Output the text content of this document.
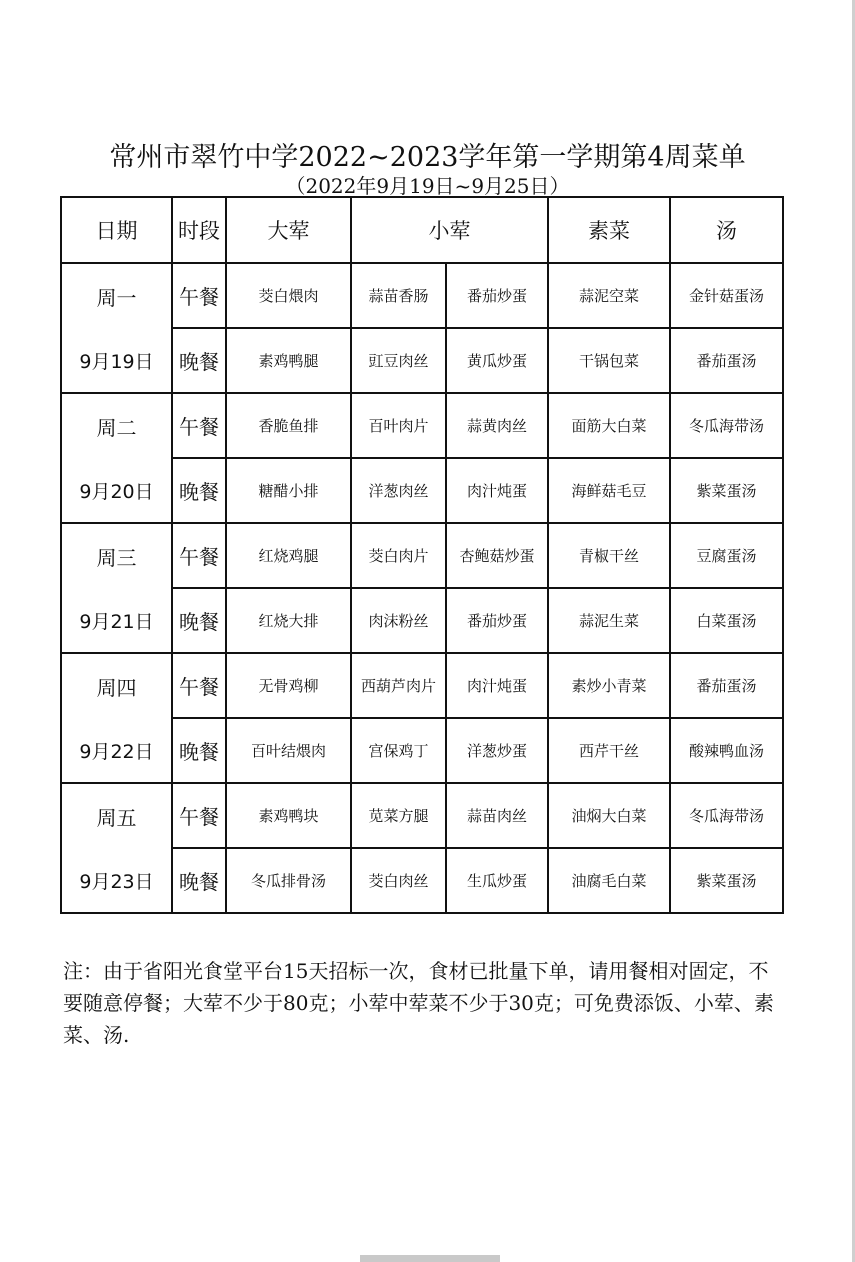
常州市翠竹中学2022~2023学年第一学期第4周菜单
（2022年9月19日~9月25日）
日期	时段	大荤	小荤		素菜	汤
周一	午餐	茭白煨肉	蒜苗香肠	番茄炒蛋	蒜泥空菜	金针菇蛋汤
9月19日	晚餐	素鸡鸭腿	豇豆肉丝	黄瓜炒蛋	干锅包菜	番茄蛋汤
周二	午餐	香脆鱼排	百叶肉片	蒜黄肉丝	面筋大白菜	冬瓜海带汤
9月20日	晚餐	糖醋小排	洋葱肉丝	肉汁炖蛋	海鲜菇毛豆	紫菜蛋汤
周三	午餐	红烧鸡腿	茭白肉片	杏鲍菇炒蛋	青椒干丝	豆腐蛋汤
9月21日	晚餐	红烧大排	肉沫粉丝	番茄炒蛋	蒜泥生菜	白菜蛋汤
周四	午餐	无骨鸡柳	西葫芦肉片	肉汁炖蛋	素炒小青菜	番茄蛋汤
9月22日	晚餐	百叶结煨肉	宫保鸡丁	洋葱炒蛋	西芹干丝	酸辣鸭血汤
周五	午餐	素鸡鸭块	苋菜方腿	蒜苗肉丝	油焖大白菜	冬瓜海带汤
9月23日	晚餐	冬瓜排骨汤	茭白肉丝	生瓜炒蛋	油腐毛白菜	紫菜蛋汤
注：由于省阳光食堂平台15天招标一次，食材已批量下单，请用餐相对固定，不要随意停餐；大荤不少于80克；小荤中荤菜不少于30克；可免费添饭、小荤、素菜、汤.
